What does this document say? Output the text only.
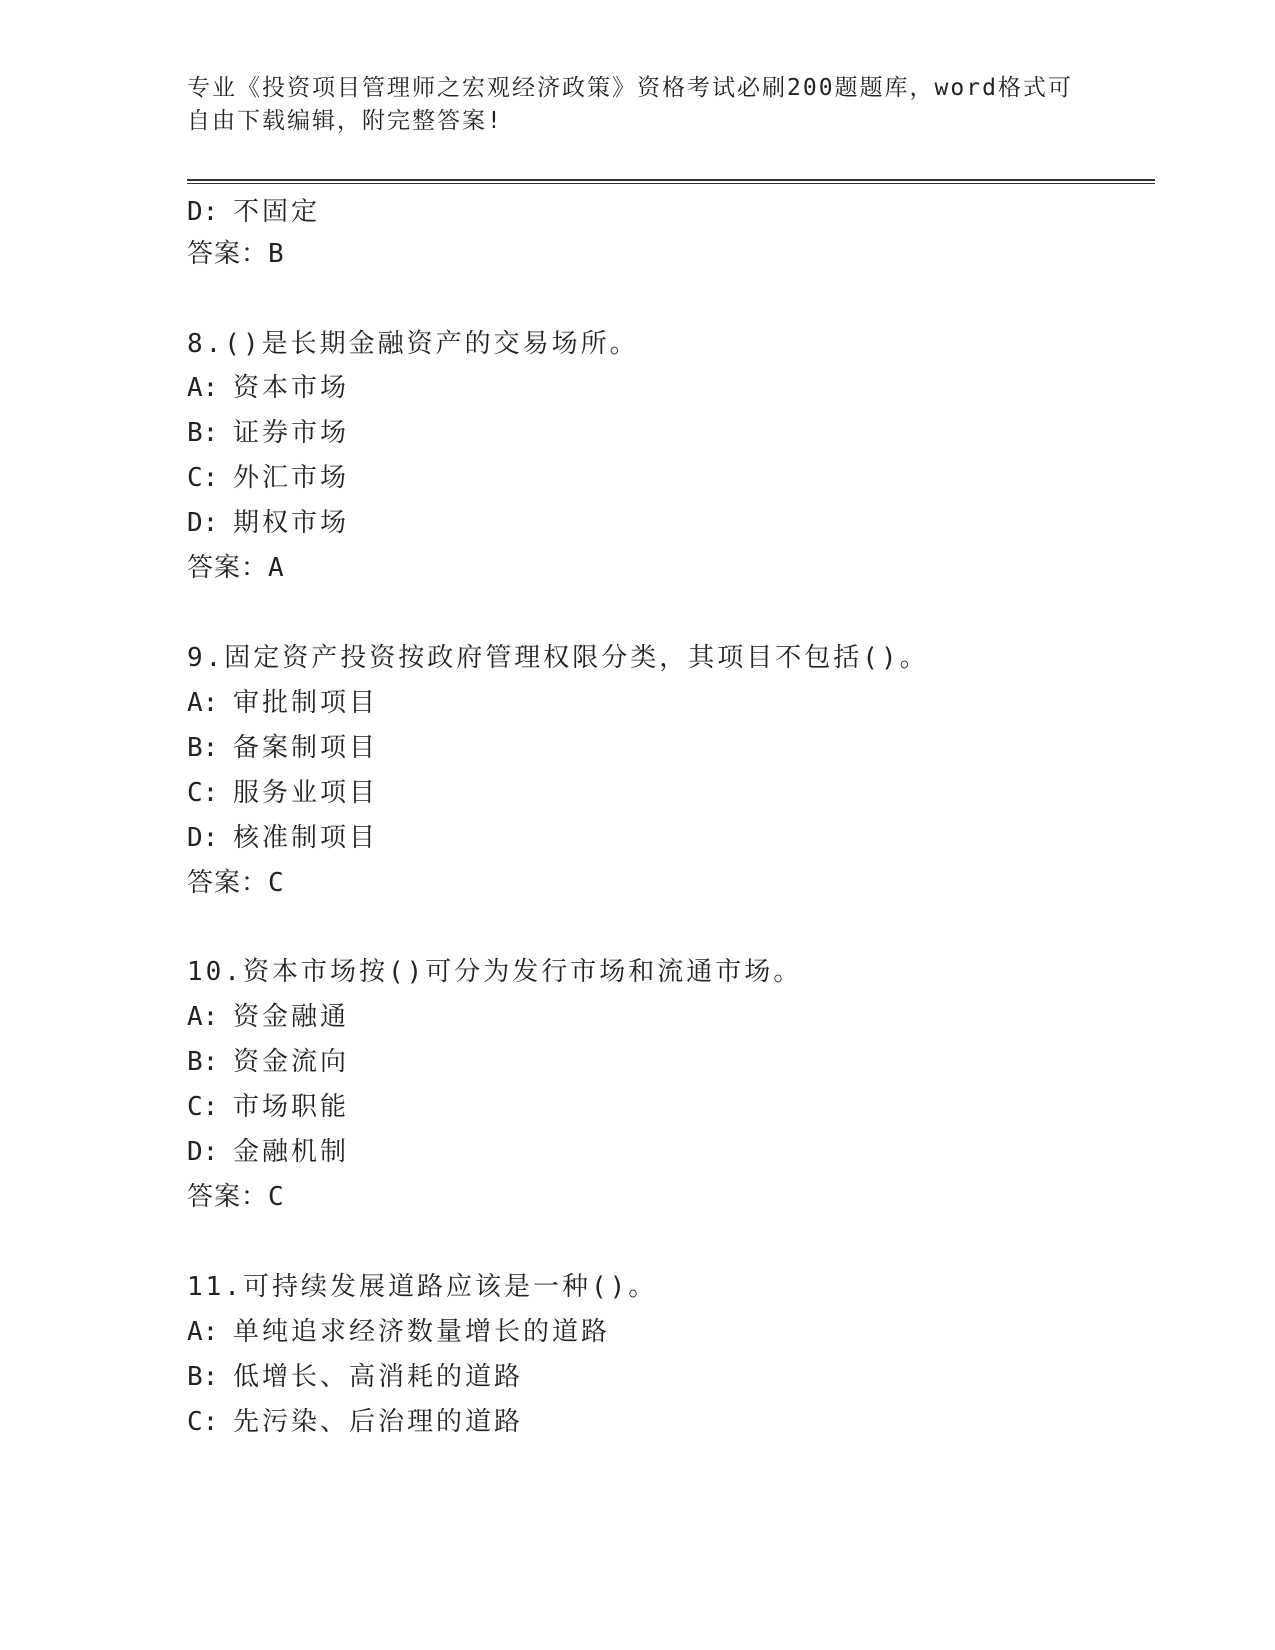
专业《投资项目管理师之宏观经济政策》资格考试必刷200题题库，word格式可
自由下载编辑，附完整答案!
D: 不固定
答案：B
8.()是长期金融资产的交易场所。
A: 资本市场
B: 证券市场
C: 外汇市场
D: 期权市场
答案：A
9.固定资产投资按政府管理权限分类，其项目不包括()。
A: 审批制项目
B: 备案制项目
C: 服务业项目
D: 核准制项目
答案：C
10.资本市场按()可分为发行市场和流通市场。
A: 资金融通
B: 资金流向
C: 市场职能
D: 金融机制
答案：C
11.可持续发展道路应该是一种()。
A: 单纯追求经济数量增长的道路
B: 低增长、高消耗的道路
C: 先污染、后治理的道路
